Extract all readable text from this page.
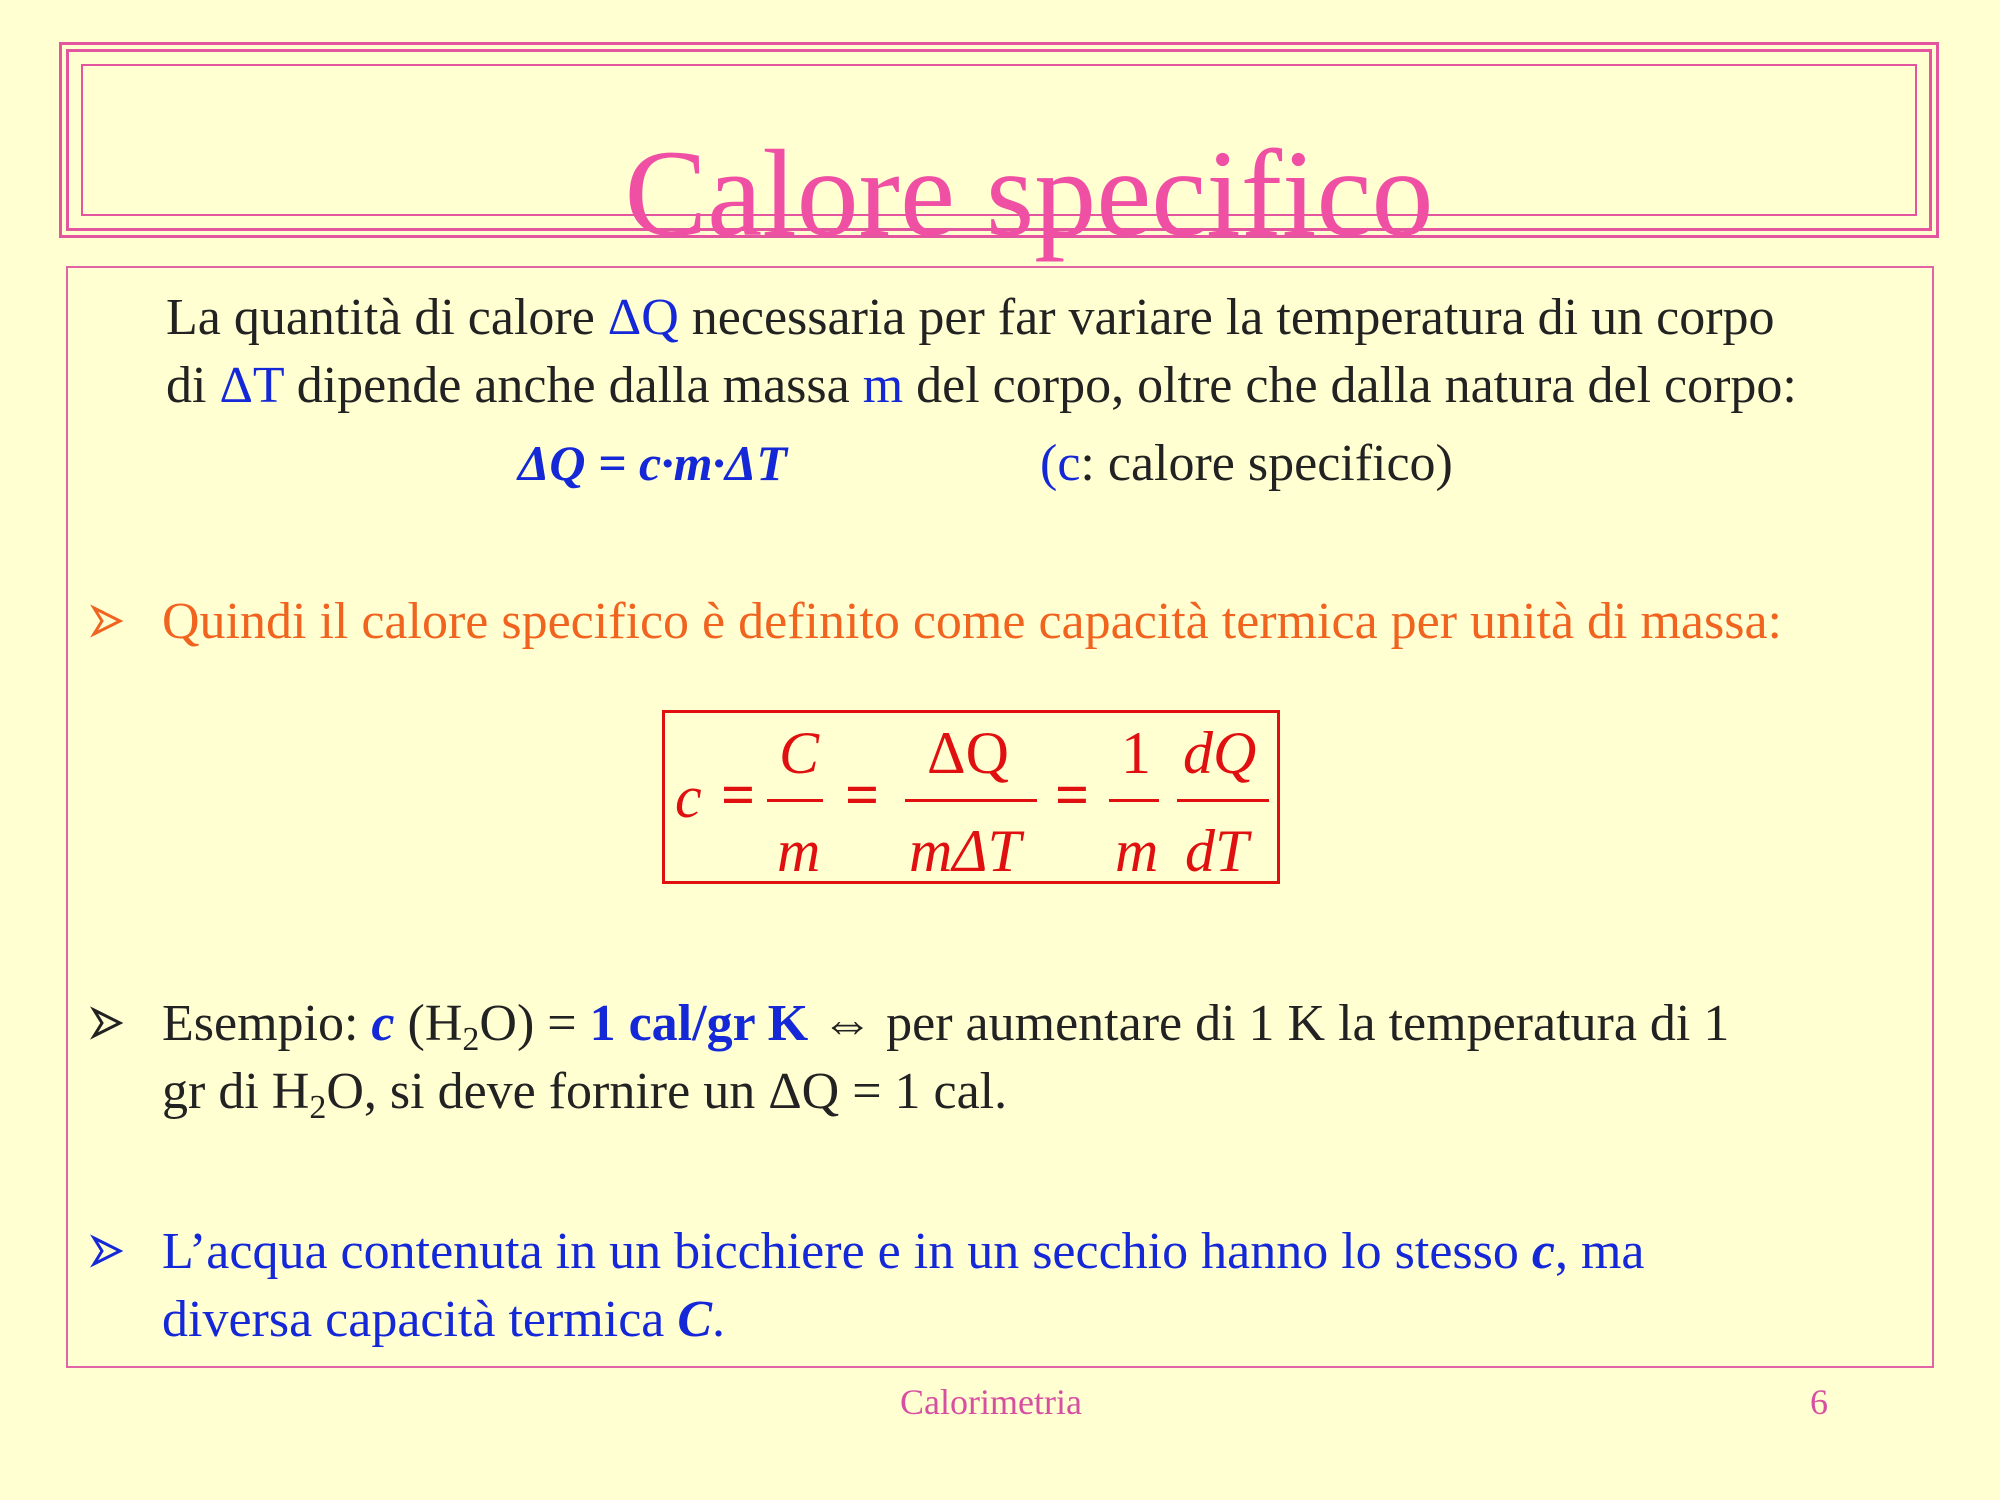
Calore specifico
La quantità di calore ΔQ necessaria per far variare la temperatura di un corpo
di ΔT dipende anche dalla massa m del corpo, oltre che dalla natura del corpo:
ΔQ = c·m·ΔT	(c: calore specifico)
Quindi il calore specifico è definito come capacità termica per unità di massa:
c =
C
m
=
ΔQ
mΔT
=
1
m
dQ
dT
Esempio: c $(H_2O) = 1$ cal/gr K ⇔ per aumentare di 1 K la temperatura di 1
gr di $H_2O$, si deve fornire un ΔQ = 1 cal.
L’acqua contenuta in un bicchiere e in un secchio hanno lo stesso c, ma
diversa capacità termica C.
Calorimetria	6
